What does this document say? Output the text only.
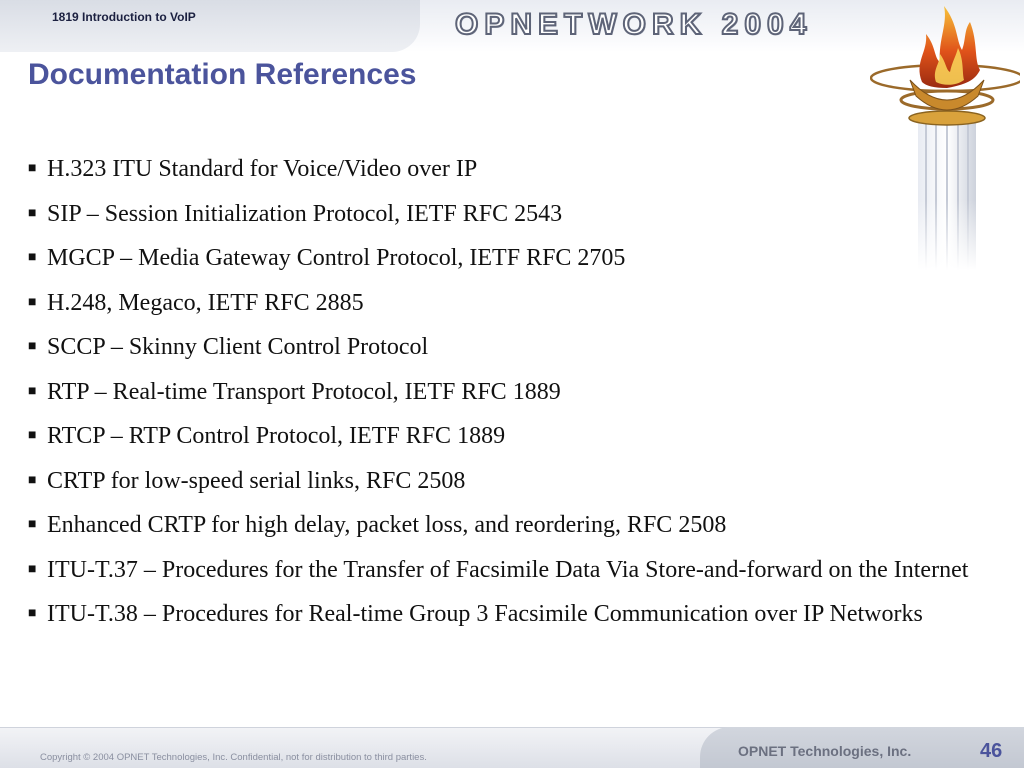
1819 Introduction to VoIP	OPNETWORK 2004
Documentation References
■ H.323 ITU Standard for Voice/Video over IP
■ SIP – Session Initialization Protocol, IETF RFC 2543
■ MGCP – Media Gateway Control Protocol, IETF RFC 2705
■ H.248, Megaco, IETF RFC 2885
■ SCCP – Skinny Client Control Protocol
■ RTP – Real-time Transport Protocol, IETF RFC 1889
■ RTCP – RTP Control Protocol, IETF RFC 1889
■ CRTP for low-speed serial links, RFC 2508
■ Enhanced CRTP for high delay, packet loss, and reordering, RFC 2508
■ ITU-T.37 – Procedures for the Transfer of Facsimile Data Via Store-and-forward on the Internet
■ ITU-T.38 – Procedures for Real-time Group 3 Facsimile Communication over IP Networks
Copyright © 2004 OPNET Technologies, Inc. Confidential, not for distribution to third parties.	OPNET Technologies, Inc.	46
